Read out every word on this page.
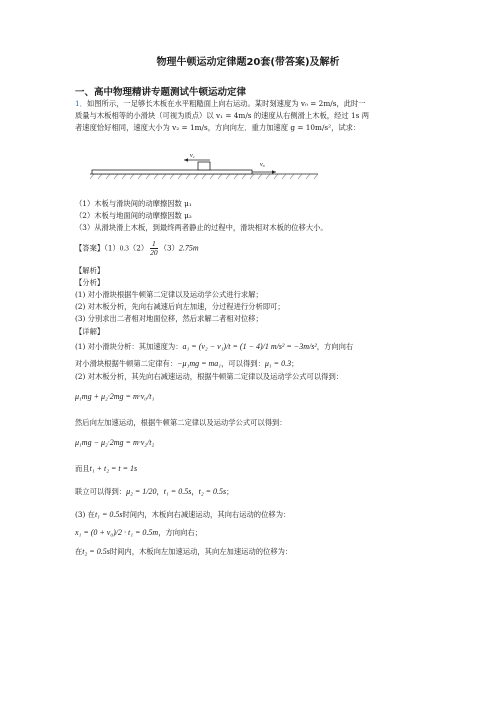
物理牛顿运动定律题20套(带答案)及解析
一、高中物理精讲专题测试牛顿运动定律
1．如图所示，一足够长木板在水平粗糙面上向右运动。某时刻速度为 v₀ = 2m/s，此时一
质量与木板相等的小滑块（可视为质点）以 v₁ = 4m/s 的速度从右侧滑上木板，经过 1s 两
者速度恰好相同，速度大小为 v₂ = 1m/s，方向向左．重力加速度 g = 10m/s²，试求：
v₁
v₀
（1）木板与滑块间的动摩擦因数 μ₁
（2）木板与地面间的动摩擦因数 μ₂
（3）从滑块滑上木板，到最终两者静止的过程中，滑块相对木板的位移大小。
【答案】$(1)0.3(2) \frac{1}{20} (3)2.75m$
【解析】
【分析】
(1) 对小滑块根据牛顿第二定律以及运动学公式进行求解；
(2) 对木板分析，先向右减速后向左加速，分过程进行分析即可；
(3) 分别求出二者相对地面位移，然后求解二者相对位移；
【详解】
(1) 对小滑块分析：其加速度为：a₁ = (v₂ − v₁)/t = (1 − 4)/1 m/s² = −3m/s²，方向向右
对小滑块根据牛顿第二定律有：−μ₁mg = ma₁，可以得到：μ₁ = 0.3；
(2) 对木板分析，其先向右减速运动，根据牛顿第二定律以及运动学公式可以得到：
μ₁mg + μ₂·2mg = m·v₀/t₁
然后向左加速运动，根据牛顿第二定律以及运动学公式可以得到：
μ₁mg − μ₂·2mg = m·v₂/t₂
而且t₁ + t₂ = t = 1s
联立可以得到：μ₂ = 1/20，t₁ = 0.5s，t₂ = 0.5s；
(3) 在t₁ = 0.5s时间内，木板向右减速运动，其向右运动的位移为：
x₁ = (0 + v₀)/2 · t₁ = 0.5m，方向向右；
在t₂ = 0.5s时间内，木板向左加速运动，其向左加速运动的位移为：
